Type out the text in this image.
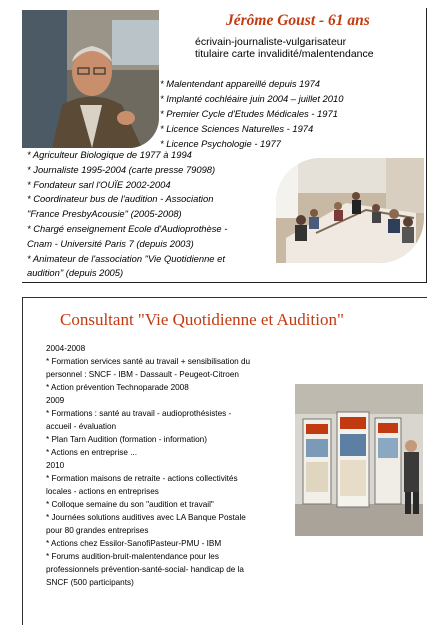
Jérôme Goust - 61 ans
écrivain-journaliste-vulgarisateur
titulaire carte invalidité/malentendance
* Malentendant appareillé depuis 1974
* Implanté cochléaire juin 2004 – juillet 2010
* Premier Cycle d'Etudes Médicales - 1971
* Licence Sciences Naturelles - 1974
* Licence Psychologie - 1977
* Agriculteur Biologique de 1977 à 1994
* Journaliste 1995-2004 (carte presse 79098)
* Fondateur sarl l'OUÏE 2002-2004
* Coordinateur bus de l'audition - Association
"France PresbyAcousie" (2005-2008)
* Chargé enseignement Ecole d'Audioprothèse -
Cnam - Université Paris 7 (depuis 2003)
* Animateur de l'association "Vie Quotidienne et
audition" (depuis 2005)
Consultant "Vie Quotidienne et Audition"
2004-2008
* Formation services santé au travail + sensibilisation du
personnel : SNCF - IBM - Dassault - Peugeot-Citroen
* Action prévention Technoparade 2008
2009
* Formations : santé au travail - audioprothésistes -
accueil - évaluation
* Plan Tarn Audition (formation - information)
* Actions en entreprise ...
2010
* Formation maisons de retraite - actions collectivités
locales - actions en entreprises
* Colloque semaine du son "audition et travail"
* Journées solutions auditives avec LA Banque Postale
pour 80 grandes entreprises
* Actions chez Essilor-SanofiPasteur-PMU - IBM
* Forums audition-bruit-malentendance pour les
professionnels prévention-santé-social- handicap de la
SNCF (500 participants)
